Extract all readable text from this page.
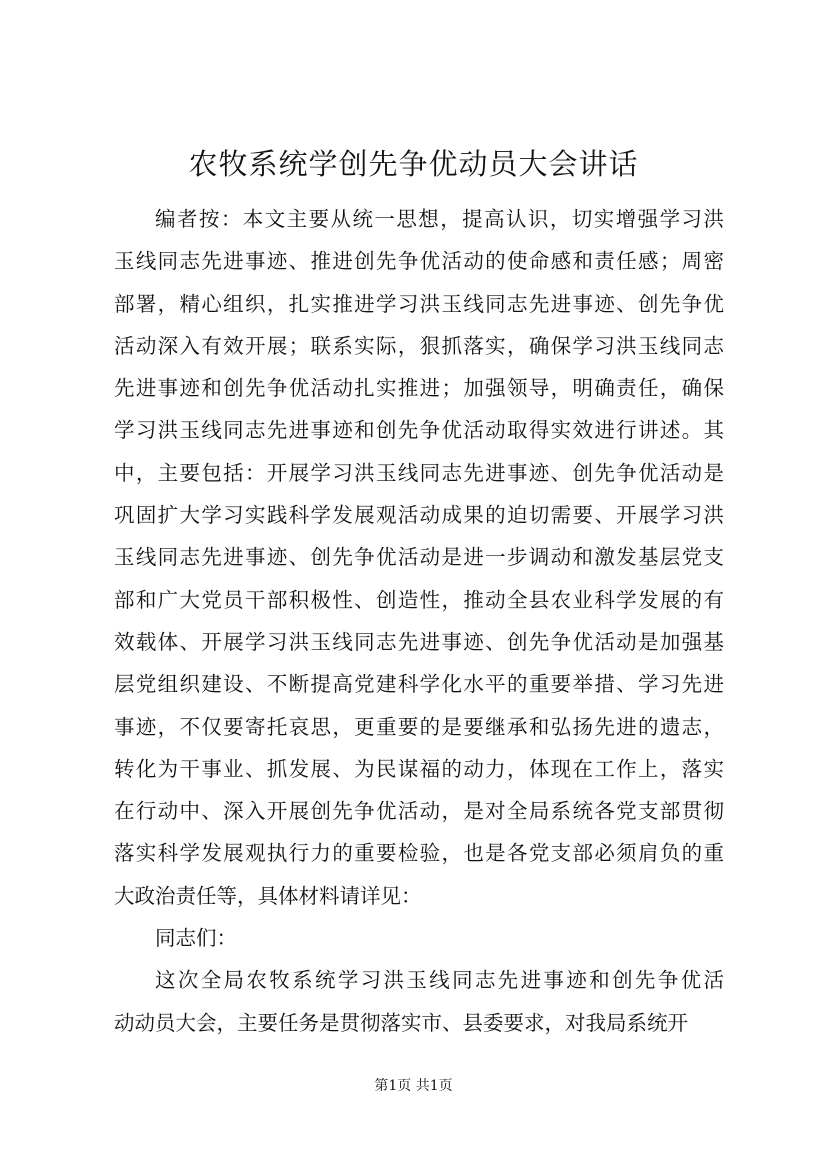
农牧系统学创先争优动员大会讲话
编者按：本文主要从统一思想，提高认识，切实增强学习洪
玉线同志先进事迹、推进创先争优活动的使命感和责任感；周密
部署，精心组织，扎实推进学习洪玉线同志先进事迹、创先争优
活动深入有效开展；联系实际，狠抓落实，确保学习洪玉线同志
先进事迹和创先争优活动扎实推进；加强领导，明确责任，确保
学习洪玉线同志先进事迹和创先争优活动取得实效进行讲述。其
中，主要包括：开展学习洪玉线同志先进事迹、创先争优活动是
巩固扩大学习实践科学发展观活动成果的迫切需要、开展学习洪
玉线同志先进事迹、创先争优活动是进一步调动和激发基层党支
部和广大党员干部积极性、创造性，推动全县农业科学发展的有
效载体、开展学习洪玉线同志先进事迹、创先争优活动是加强基
层党组织建设、不断提高党建科学化水平的重要举措、学习先进
事迹，不仅要寄托哀思，更重要的是要继承和弘扬先进的遗志，
转化为干事业、抓发展、为民谋福的动力，体现在工作上，落实
在行动中、深入开展创先争优活动，是对全局系统各党支部贯彻
落实科学发展观执行力的重要检验，也是各党支部必须肩负的重
大政治责任等，具体材料请详见：
同志们：
这次全局农牧系统学习洪玉线同志先进事迹和创先争优活
动动员大会，主要任务是贯彻落实市、县委要求，对我局系统开
第1页 共1页
